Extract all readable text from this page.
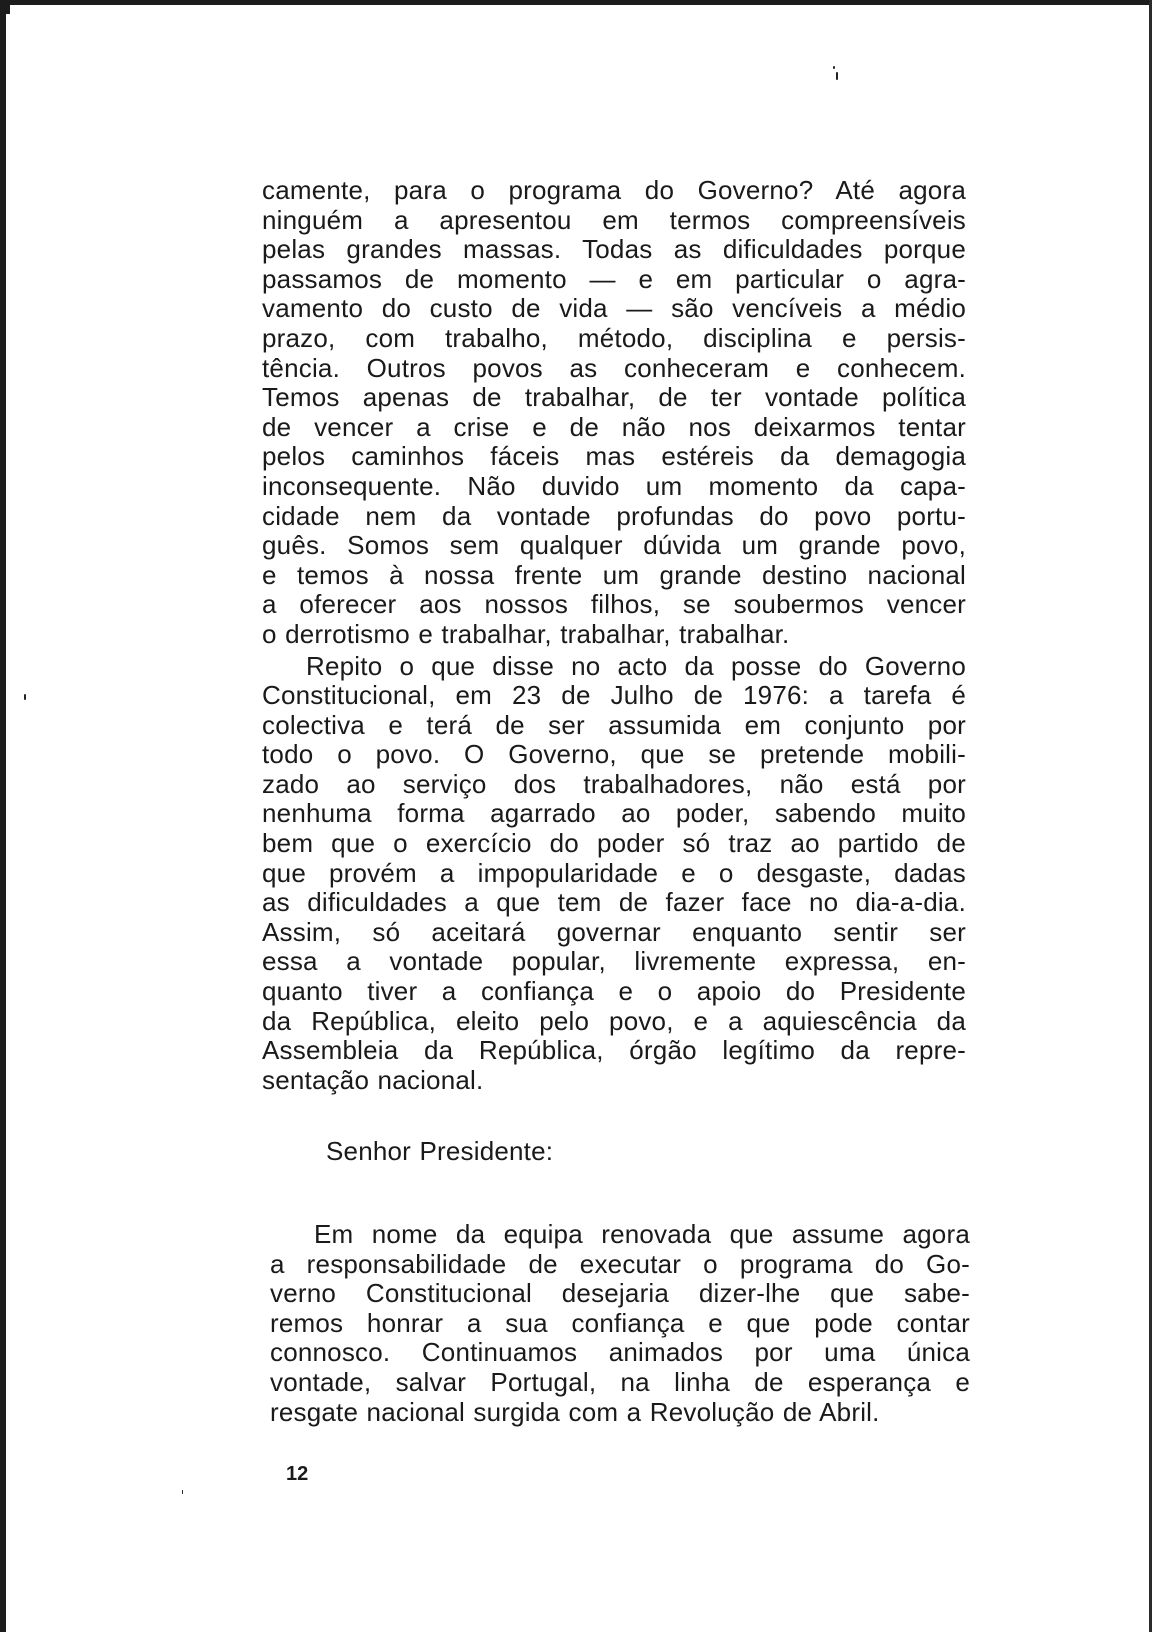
camente, para o programa do Governo? Até agora
ninguém a apresentou em termos compreensíveis
pelas grandes massas. Todas as dificuldades porque
passamos de momento — e em particular o agra-
vamento do custo de vida — são vencíveis a médio
prazo, com trabalho, método, disciplina e persis-
tência. Outros povos as conheceram e conhecem.
Temos apenas de trabalhar, de ter vontade política
de vencer a crise e de não nos deixarmos tentar
pelos caminhos fáceis mas estéreis da demagogia
inconsequente. Não duvido um momento da capa-
cidade nem da vontade profundas do povo portu-
guês. Somos sem qualquer dúvida um grande povo,
e temos à nossa frente um grande destino nacional
a oferecer aos nossos filhos, se soubermos vencer
o derrotismo e trabalhar, trabalhar, trabalhar.

Repito o que disse no acto da posse do Governo
Constitucional, em 23 de Julho de 1976: a tarefa é
colectiva e terá de ser assumida em conjunto por
todo o povo. O Governo, que se pretende mobili-
zado ao serviço dos trabalhadores, não está por
nenhuma forma agarrado ao poder, sabendo muito
bem que o exercício do poder só traz ao partido de
que provém a impopularidade e o desgaste, dadas
as dificuldades a que tem de fazer face no dia-a-dia.
Assim, só aceitará governar enquanto sentir ser
essa a vontade popular, livremente expressa, en-
quanto tiver a confiança e o apoio do Presidente
da República, eleito pelo povo, e a aquiescência da
Assembleia da República, órgão legítimo da repre-
sentação nacional.

Senhor Presidente:

Em nome da equipa renovada que assume agora
a responsabilidade de executar o programa do Go-
verno Constitucional desejaria dizer-lhe que sabe-
remos honrar a sua confiança e que pode contar
connosco. Continuamos animados por uma única
vontade, salvar Portugal, na linha de esperança e
resgate nacional surgida com a Revolução de Abril.

12
